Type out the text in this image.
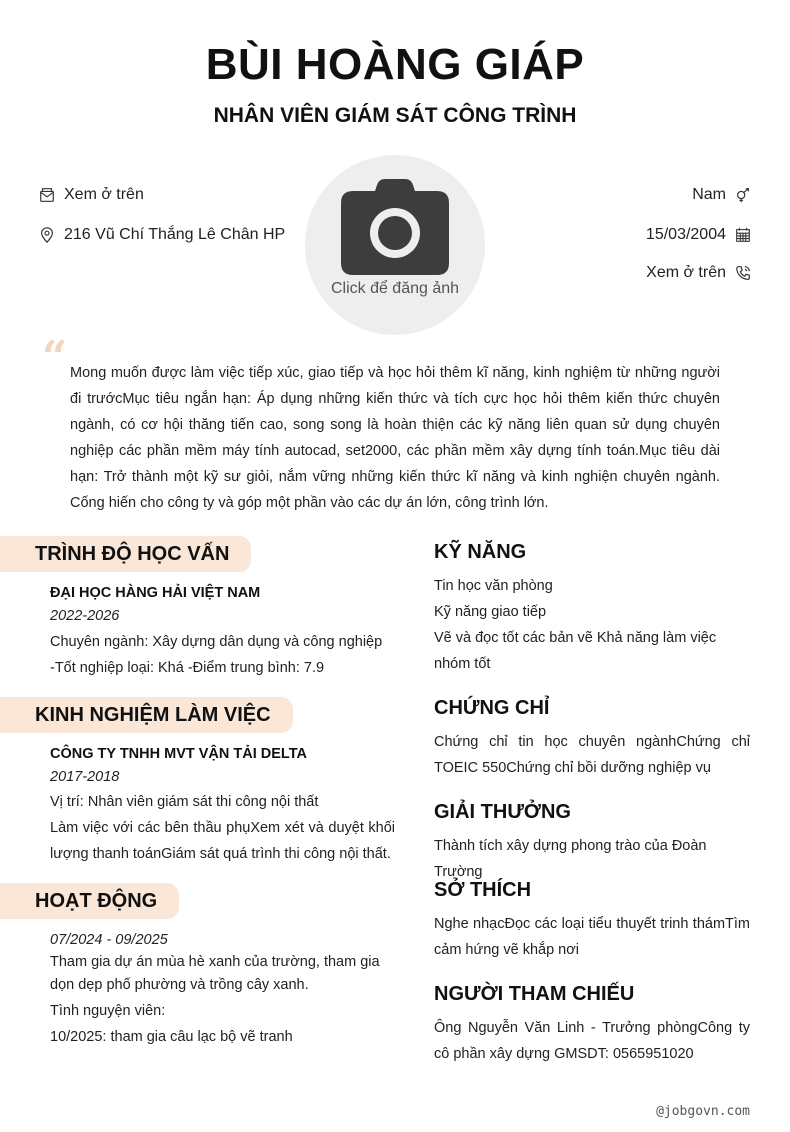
BÙI HOÀNG GIÁP
NHÂN VIÊN GIÁM SÁT CÔNG TRÌNH
Xem ở trên
216 Vũ Chí Thắng Lê Chân HP
Nam
15/03/2004
Xem ở trên
Click để đăng ảnh
“ Mong muốn được làm việc tiếp xúc, giao tiếp và học hỏi thêm kĩ năng, kinh nghiệm từ những người đi trướcMục tiêu ngắn hạn: Áp dụng những kiến thức và tích cực học hỏi thêm kiến thức chuyên ngành, có cơ hội thăng tiến cao, song song là hoàn thiện các kỹ năng liên quan sử dụng chuyên nghiệp các phần mềm máy tính autocad, set2000, các phần mềm xây dựng tính toán.Mục tiêu dài hạn: Trở thành một kỹ sư giỏi, nắm vững những kiến thức kĩ năng và kinh nghiện chuyên ngành. Cống hiến cho công ty và góp một phần vào các dự án lớn, công trình lớn.
TRÌNH ĐỘ HỌC VẤN
ĐẠI HỌC HÀNG HẢI VIỆT NAM
2022-2026
Chuyên ngành: Xây dựng dân dụng và công nghiệp
-Tốt nghiệp loại: Khá -Điểm trung bình: 7.9
KINH NGHIỆM LÀM VIỆC
CÔNG TY TNHH MVT VẬN TẢI DELTA
2017-2018
Vị trí: Nhân viên giám sát thi công nội thất
Làm việc với các bên thầu phụXem xét và duyệt khối lượng thanh toánGiám sát quá trình thi công nội thất.
HOẠT ĐỘNG
07/2024 - 09/2025
Tham gia dự án mùa hè xanh của trường, tham gia dọn dẹp phố phường và trồng cây xanh.
Tình nguyện viên:
10/2025: tham gia câu lạc bộ vẽ tranh
KỸ NĂNG
Tin học văn phòng
Kỹ năng giao tiếp
Vẽ và đọc tốt các bản vẽ Khả năng làm việc nhóm tốt
CHỨNG CHỈ
Chứng chỉ tin học chuyên ngànhChứng chỉ TOEIC 550Chứng chỉ bồi dưỡng nghiệp vụ
GIẢI THƯỞNG
Thành tích xây dựng phong trào của Đoàn Trường
SỞ THÍCH
Nghe nhạcĐọc các loại tiểu thuyết trinh thámTìm cảm hứng vẽ khắp nơi
NGƯỜI THAM CHIẾU
Ông Nguyễn Văn Linh - Trưởng phòngCông ty cô phần xây dựng GMSDT: 0565951020
@jobgovn.com
